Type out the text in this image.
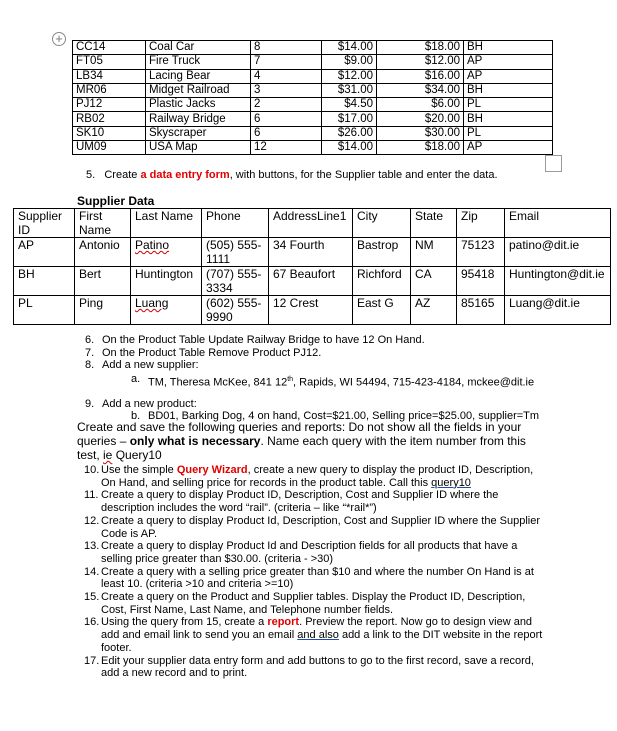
+
CC14	Coal Car	8	$14.00	$18.00	BH
FT05	Fire Truck	7	$9.00	$12.00	AP
LB34	Lacing Bear	4	$12.00	$16.00	AP
MR06	Midget Railroad	3	$31.00	$34.00	BH
PJ12	Plastic Jacks	2	$4.50	$6.00	PL
RB02	Railway Bridge	6	$17.00	$20.00	BH
SK10	Skyscraper	6	$26.00	$30.00	PL
UM09	USA Map	12	$14.00	$18.00	AP
5. Create a data entry form, with buttons, for the Supplier table and enter the data.
Supplier Data
Supplier ID	First Name	Last Name	Phone	AddressLine1	City	State	Zip	Email
AP	Antonio	Patino	(505) 555-1111	34 Fourth	Bastrop	NM	75123	patino@dit.ie
BH	Bert	Huntington	(707) 555-3334	67 Beaufort	Richford	CA	95418	Huntington@dit.ie
PL	Ping	Luang	(602) 555-9990	12 Crest	East G	AZ	85165	Luang@dit.ie
6. On the Product Table Update Railway Bridge to have 12 On Hand.
7. On the Product Table Remove Product PJ12.
8. Add a new supplier:
a. TM, Theresa McKee, 841 12th, Rapids, WI 54494, 715-423-4184, mckee@dit.ie
9. Add a new product:
b. BD01, Barking Dog, 4 on hand, Cost=$21.00, Selling price=$25.00, supplier=Tm
Create and save the following queries and reports: Do not show all the fields in your queries – only what is necessary. Name each query with the item number from this test, ie Query10
10. Use the simple Query Wizard, create a new query to display the product ID, Description, On Hand, and selling price for records in the product table. Call this query10
11. Create a query to display Product ID, Description, Cost and Supplier ID where the description includes the word “rail”. (criteria – like “*rail*”)
12. Create a query to display Product Id, Description, Cost and Supplier ID where the Supplier Code is AP.
13. Create a query to display Product Id and Description fields for all products that have a selling price greater than $30.00. (criteria - >30)
14. Create a query with a selling price greater than $10 and where the number On Hand is at least 10. (criteria >10 and criteria >=10)
15. Create a query on the Product and Supplier tables. Display the Product ID, Description, Cost, First Name, Last Name, and Telephone number fields.
16. Using the query from 15, create a report. Preview the report. Now go to design view and add and email link to send you an email and also add a link to the DIT website in the report footer.
17. Edit your supplier data entry form and add buttons to go to the first record, save a record, add a new record and to print.
